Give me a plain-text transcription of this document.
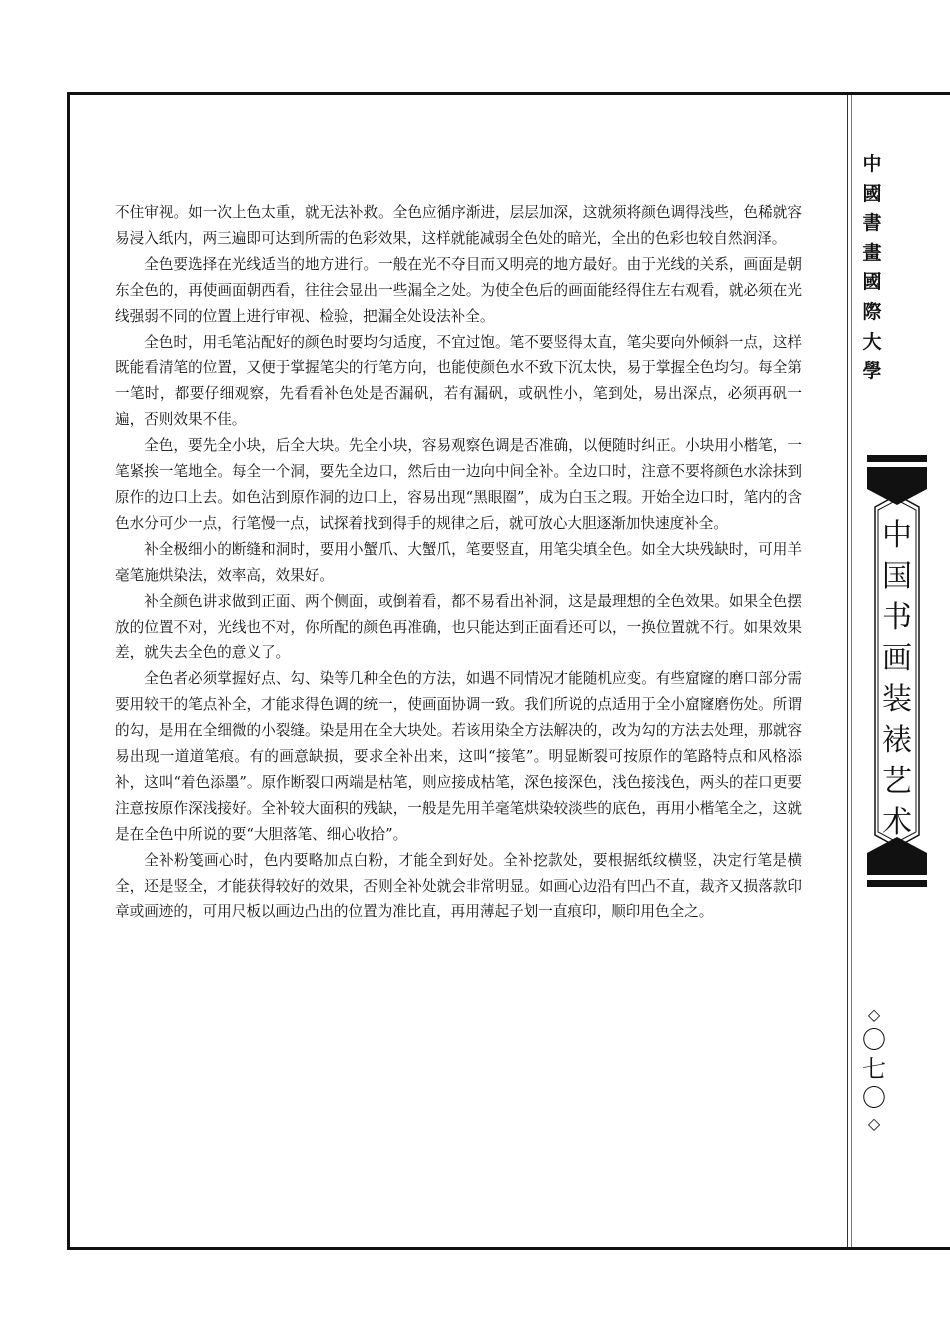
不住审视。如一次上色太重，就无法补救。全色应循序渐进，层层加深，这就须将颜色调得浅些，色稀就容易浸入纸内，两三遍即可达到所需的色彩效果，这样就能减弱全色处的暗光，全出的色彩也较自然润泽。

全色要选择在光线适当的地方进行。一般在光不夺目而又明亮的地方最好。由于光线的关系，画面是朝东全色的，再使画面朝西看，往往会显出一些漏全之处。为使全色后的画面能经得住左右观看，就必须在光线强弱不同的位置上进行审视、检验，把漏全处设法补全。

全色时，用毛笔沾配好的颜色时要均匀适度，不宜过饱。笔不要竖得太直，笔尖要向外倾斜一点，这样既能看清笔的位置，又便于掌握笔尖的行笔方向，也能使颜色水不致下沉太快，易于掌握全色均匀。每全第一笔时，都要仔细观察，先看看补色处是否漏矾，若有漏矾，或矾性小，笔到处，易出深点，必须再矾一遍，否则效果不佳。

全色，要先全小块，后全大块。先全小块，容易观察色调是否准确，以便随时纠正。小块用小楷笔，一笔紧挨一笔地全。每全一个洞，要先全边口，然后由一边向中间全补。全边口时，注意不要将颜色水涂抹到原作的边口上去。如色沾到原作洞的边口上，容易出现“黑眼圈”，成为白玉之瑕。开始全边口时，笔内的含色水分可少一点，行笔慢一点，试探着找到得手的规律之后，就可放心大胆逐渐加快速度补全。

补全极细小的断缝和洞时，要用小蟹爪、大蟹爪，笔要竖直，用笔尖填全色。如全大块残缺时，可用羊毫笔施烘染法，效率高，效果好。

补全颜色讲求做到正面、两个侧面，或倒着看，都不易看出补洞，这是最理想的全色效果。如果全色摆放的位置不对，光线也不对，你所配的颜色再准确，也只能达到正面看还可以，一换位置就不行。如果效果差，就失去全色的意义了。

全色者必须掌握好点、勾、染等几种全色的方法，如遇不同情况才能随机应变。有些窟窿的磨口部分需要用较干的笔点补全，才能求得色调的统一，使画面协调一致。我们所说的点适用于全小窟窿磨伤处。所谓的勾，是用在全细微的小裂缝。染是用在全大块处。若该用染全方法解决的，改为勾的方法去处理，那就容易出现一道道笔痕。有的画意缺损，要求全补出来，这叫“接笔”。明显断裂可按原作的笔路特点和风格添补，这叫“着色添墨”。原作断裂口两端是枯笔，则应接成枯笔，深色接深色，浅色接浅色，两头的茬口更要注意按原作深浅接好。全补较大面积的残缺，一般是先用羊毫笔烘染较淡些的底色，再用小楷笔全之，这就是在全色中所说的要“大胆落笔、细心收拾”。

全补粉笺画心时，色内要略加点白粉，才能全到好处。全补挖款处，要根据纸纹横竖，决定行笔是横全，还是竖全，才能获得较好的效果，否则全补处就会非常明显。如画心边沿有凹凸不直，裁齐又损落款印章或画迹的，可用尺板以画边凸出的位置为准比直，再用薄起子划一直痕印，顺印用色全之。

中
國
書
畫
國
際
大
學
中
国
书
画
装
裱
艺
术
◇
〇
七
〇
◇
